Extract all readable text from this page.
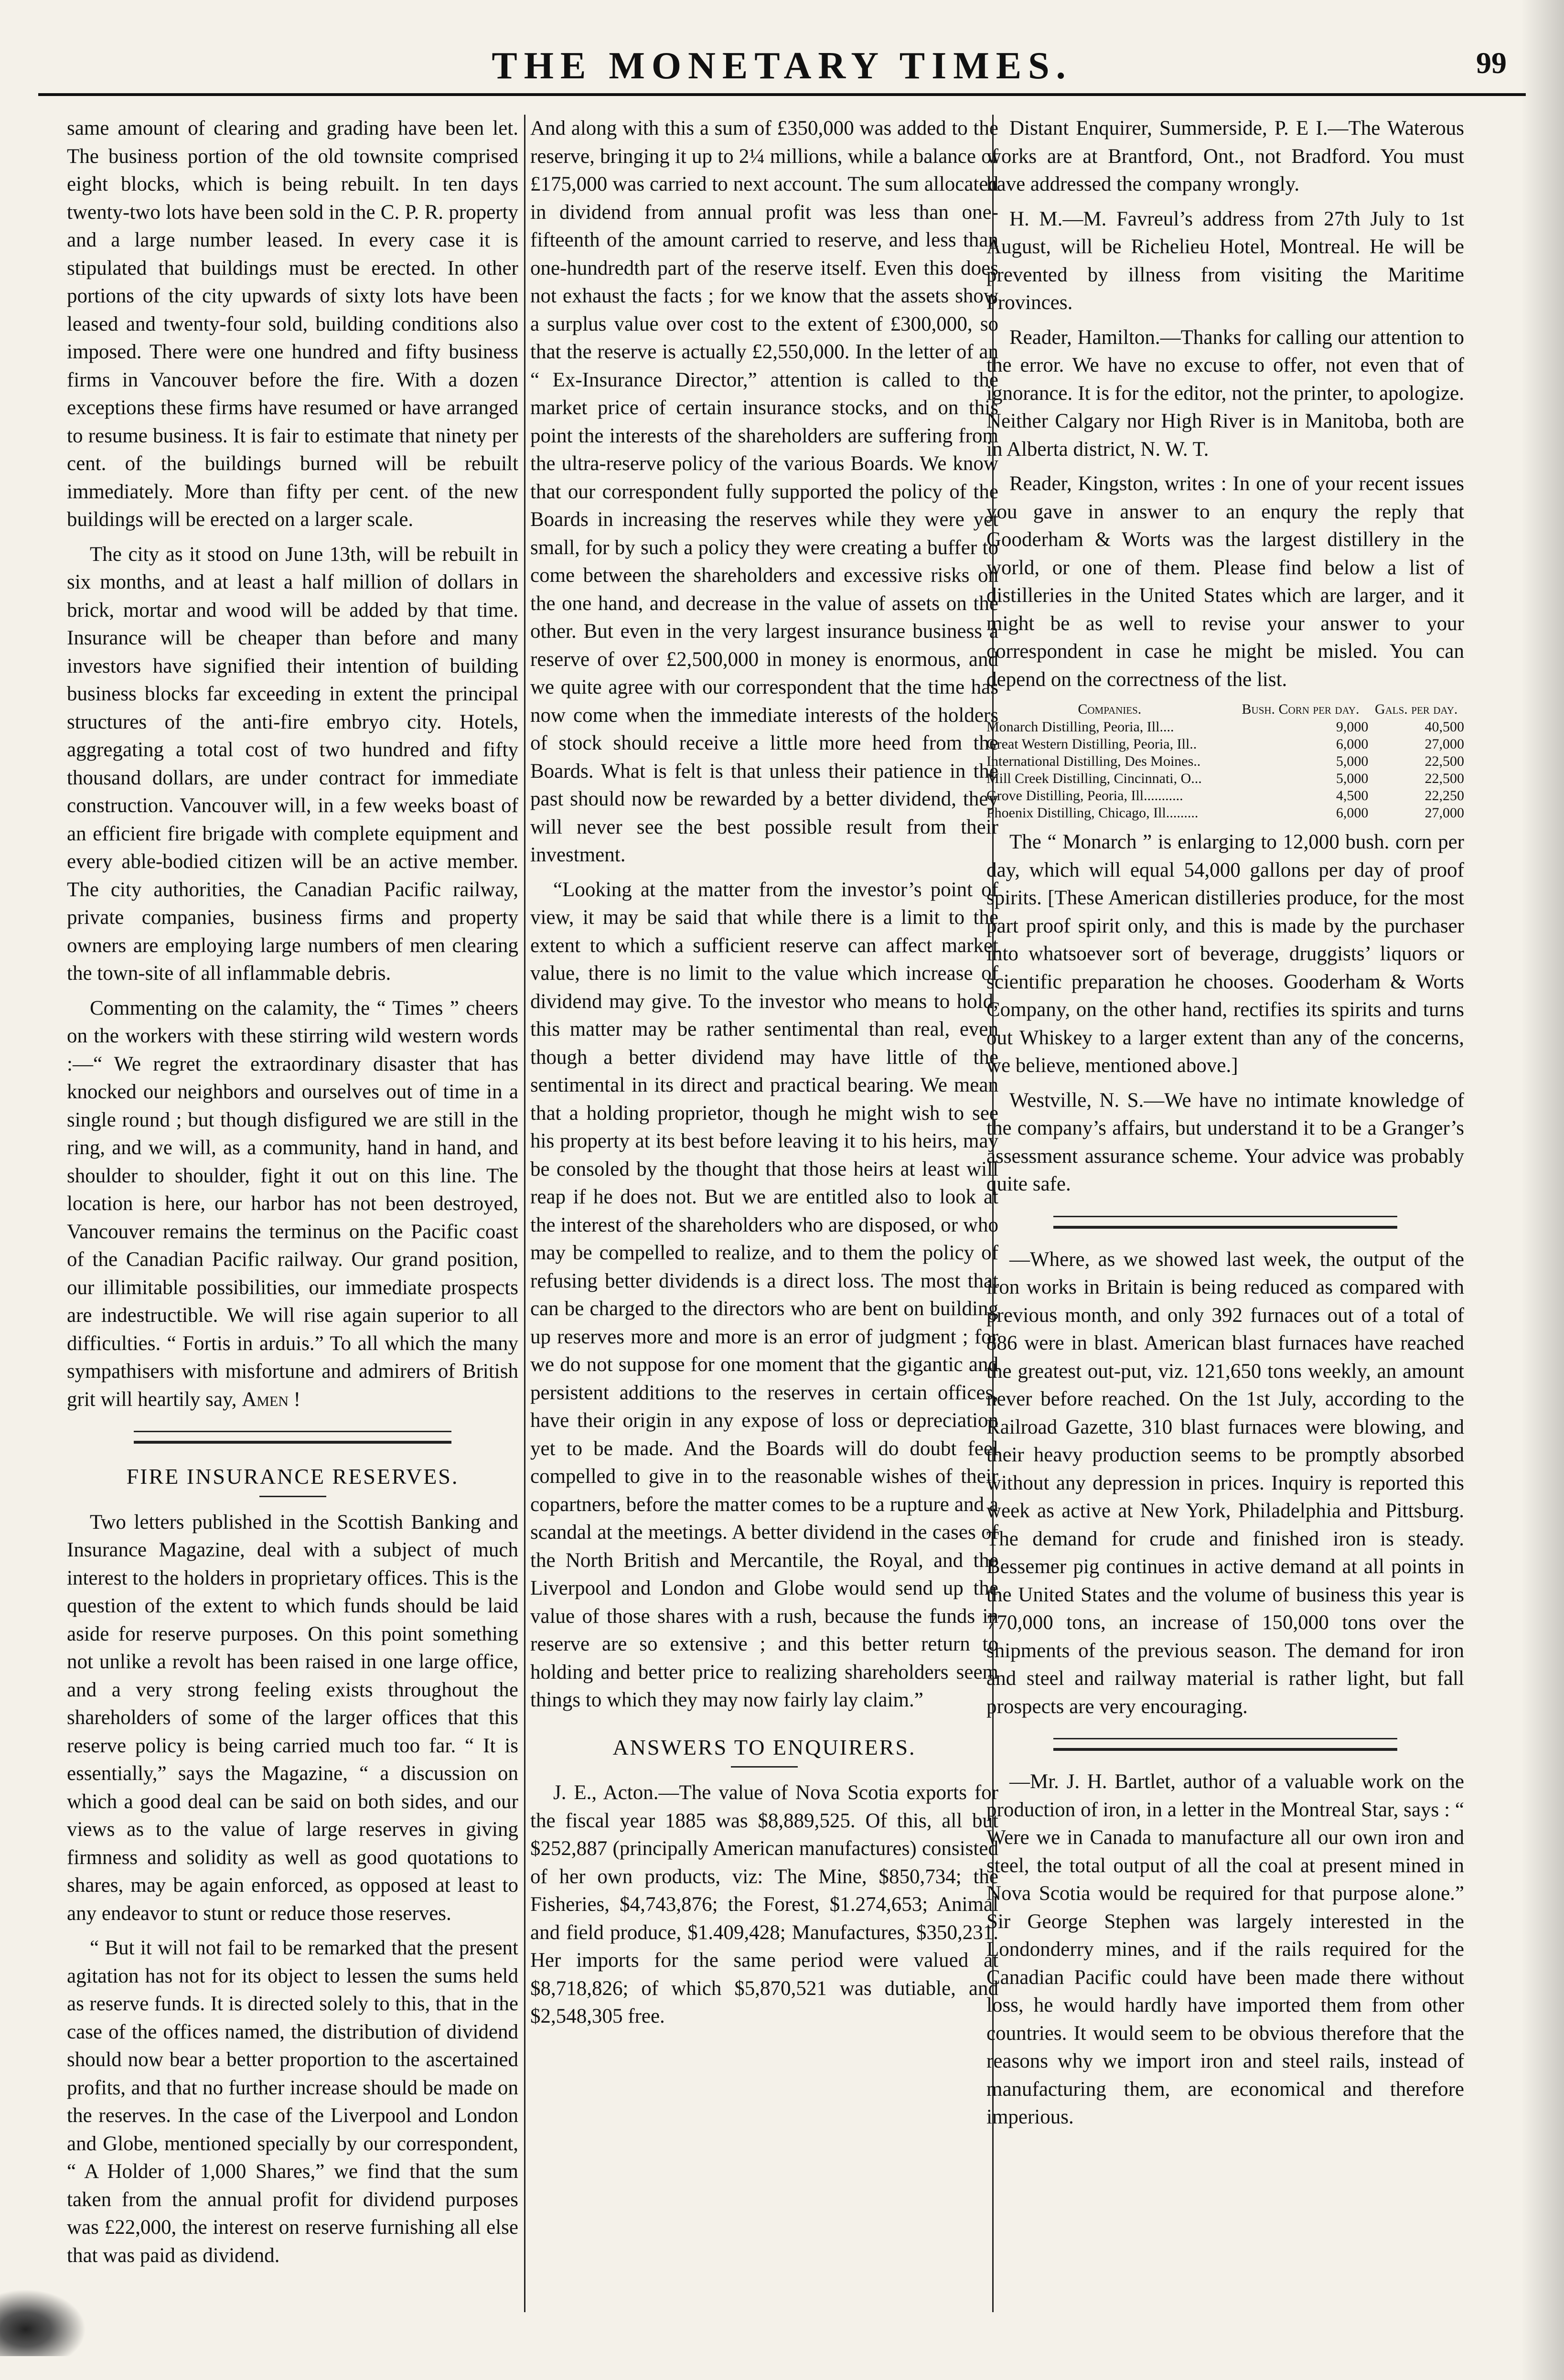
THE MONETARY TIMES.	99

same amount of clearing and grading have been let. The business portion of the old townsite comprised eight blocks, which is being rebuilt. In ten days twenty-two lots have been sold in the C. P. R. property and a large number leased. In every case it is stipulated that buildings must be erected. In other portions of the city upwards of sixty lots have been leased and twenty-four sold, building conditions also imposed. There were one hundred and fifty business firms in Vancouver before the fire. With a dozen exceptions these firms have resumed or have arranged to resume business. It is fair to estimate that ninety per cent. of the buildings burned will be rebuilt immediately. More than fifty per cent. of the new buildings will be erected on a larger scale.

The city as it stood on June 13th, will be rebuilt in six months, and at least a half million of dollars in brick, mortar and wood will be added by that time. Insurance will be cheaper than before and many investors have signified their intention of building business blocks far exceeding in extent the principal structures of the anti-fire embryo city. Hotels, aggregating a total cost of two hundred and fifty thousand dollars, are under contract for immediate construction. Vancouver will, in a few weeks boast of an efficient fire brigade with complete equipment and every able-bodied citizen will be an active member. The city authorities, the Canadian Pacific railway, private companies, business firms and property owners are employing large numbers of men clearing the town-site of all inflammable debris.

Commenting on the calamity, the “ Times ” cheers on the workers with these stirring wild western words :—“ We regret the extraordinary disaster that has knocked our neighbors and ourselves out of time in a single round ; but though disfigured we are still in the ring, and we will, as a community, hand in hand, and shoulder to shoulder, fight it out on this line. The location is here, our harbor has not been destroyed, Vancouver remains the terminus on the Pacific coast of the Canadian Pacific railway. Our grand position, our illimitable possibilities, our immediate prospects are indestructible. We will rise again superior to all difficulties. “ Fortis in arduis.” To all which the many sympathisers with misfortune and admirers of British grit will heartily say, Amen !

FIRE INSURANCE RESERVES.

Two letters published in the Scottish Banking and Insurance Magazine, deal with a subject of much interest to the holders in proprietary offices. This is the question of the extent to which funds should be laid aside for reserve purposes. On this point something not unlike a revolt has been raised in one large office, and a very strong feeling exists throughout the shareholders of some of the larger offices that this reserve policy is being carried much too far. “ It is essentially,” says the Magazine, “ a discussion on which a good deal can be said on both sides, and our views as to the value of large reserves in giving firmness and solidity as well as good quotations to shares, may be again enforced, as opposed at least to any endeavor to stunt or reduce those reserves.

“ But it will not fail to be remarked that the present agitation has not for its object to lessen the sums held as reserve funds. It is directed solely to this, that in the case of the offices named, the distribution of dividend should now bear a better proportion to the ascertained profits, and that no further increase should be made on the reserves. In the case of the Liverpool and London and Globe, mentioned specially by our correspondent, “ A Holder of 1,000 Shares,” we find that the sum taken from the annual profit for dividend purposes was £22,000, the interest on reserve furnishing all else that was paid as dividend.

And along with this a sum of £350,000 was added to the reserve, bringing it up to 2¼ millions, while a balance of £175,000 was carried to next account. The sum allocated in dividend from annual profit was less than one-fifteenth of the amount carried to reserve, and less than one-hundredth part of the reserve itself. Even this does not exhaust the facts ; for we know that the assets show a surplus value over cost to the extent of £300,000, so that the reserve is actually £2,550,000. In the letter of an “ Ex-Insurance Director,” attention is called to the market price of certain insurance stocks, and on this point the interests of the shareholders are suffering from the ultra-reserve policy of the various Boards. We know that our correspondent fully supported the policy of the Boards in increasing the reserves while they were yet small, for by such a policy they were creating a buffer to come between the shareholders and excessive risks on the one hand, and decrease in the value of assets on the other. But even in the very largest insurance business a reserve of over £2,500,000 in money is enormous, and we quite agree with our correspondent that the time has now come when the immediate interests of the holders of stock should receive a little more heed from the Boards. What is felt is that unless their patience in the past should now be rewarded by a better dividend, they will never see the best possible result from their investment.

“Looking at the matter from the investor’s point of view, it may be said that while there is a limit to the extent to which a sufficient reserve can affect market value, there is no limit to the value which increase of dividend may give. To the investor who means to hold, this matter may be rather sentimental than real, even though a better dividend may have little of the sentimental in its direct and practical bearing. We mean that a holding proprietor, though he might wish to see his property at its best before leaving it to his heirs, may be consoled by the thought that those heirs at least will reap if he does not. But we are entitled also to look at the interest of the shareholders who are disposed, or who may be compelled to realize, and to them the policy of refusing better dividends is a direct loss. The most that can be charged to the directors who are bent on building up reserves more and more is an error of judgment ; for we do not suppose for one moment that the gigantic and persistent additions to the reserves in certain offices, have their origin in any expose of loss or depreciation yet to be made. And the Boards will do doubt feel compelled to give in to the reasonable wishes of their copartners, before the matter comes to be a rupture and a scandal at the meetings. A better dividend in the cases of the North British and Mercantile, the Royal, and the Liverpool and London and Globe would send up the value of those shares with a rush, because the funds in reserve are so extensive ; and this better return to holding and better price to realizing shareholders seem things to which they may now fairly lay claim.”

ANSWERS TO ENQUIRERS.

J. E., Acton.—The value of Nova Scotia exports for the fiscal year 1885 was $8,889,525. Of this, all but $252,887 (principally American manufactures) consisted of her own products, viz: The Mine, $850,734; the Fisheries, $4,743,876; the Forest, $1.274,653; Animal and field produce, $1.409,428; Manufactures, $350,231. Her imports for the same period were valued at $8,718,826; of which $5,870,521 was dutiable, and $2,548,305 free.

Distant Enquirer, Summerside, P. E I.—The Waterous works are at Brantford, Ont., not Bradford. You must have addressed the company wrongly.

H. M.—M. Favreul’s address from 27th July to 1st August, will be Richelieu Hotel, Montreal. He will be prevented by illness from visiting the Maritime Provinces.

Reader, Hamilton.—Thanks for calling our attention to the error. We have no excuse to offer, not even that of ignorance. It is for the editor, not the printer, to apologize. Neither Calgary nor High River is in Manitoba, both are in Alberta district, N. W. T.

Reader, Kingston, writes : In one of your recent issues you gave in answer to an enqury the reply that Gooderham & Worts was the largest distillery in the world, or one of them. Please find below a list of distilleries in the United States which are larger, and it might be as well to revise your answer to your correspondent in case he might be misled. You can depend on the correctness of the list.

Companies.	Bush. Corn per day.	Gals. per day.
Monarch Distilling, Peoria, Ill....	9,000	40,500
Great Western Distilling, Peoria, Ill..	6,000	27,000
International Distilling, Des Moines..	5,000	22,500
Mill Creek Distilling, Cincinnati, O...	5,000	22,500
Grove Distilling, Peoria, Ill...........	4,500	22,250
Phoenix Distilling, Chicago, Ill.........	6,000	27,000

The “ Monarch ” is enlarging to 12,000 bush. corn per day, which will equal 54,000 gallons per day of proof spirits. [These American distilleries produce, for the most part proof spirit only, and this is made by the purchaser into whatsoever sort of beverage, druggists’ liquors or scientific preparation he chooses. Gooderham & Worts Company, on the other hand, rectifies its spirits and turns out Whiskey to a larger extent than any of the concerns, we believe, mentioned above.]

Westville, N. S.—We have no intimate knowledge of the company’s affairs, but understand it to be a Granger’s assessment assurance scheme. Your advice was probably quite safe.

—Where, as we showed last week, the output of the iron works in Britain is being reduced as compared with previous month, and only 392 furnaces out of a total of 886 were in blast. American blast furnaces have reached the greatest out-put, viz. 121,650 tons weekly, an amount never before reached. On the 1st July, according to the Railroad Gazette, 310 blast furnaces were blowing, and their heavy production seems to be promptly absorbed without any depression in prices. Inquiry is reported this week as active at New York, Philadelphia and Pittsburg. The demand for crude and finished iron is steady. Bessemer pig continues in active demand at all points in the United States and the volume of business this year is 770,000 tons, an increase of 150,000 tons over the shipments of the previous season. The demand for iron and steel and railway material is rather light, but fall prospects are very encouraging.

—Mr. J. H. Bartlet, author of a valuable work on the production of iron, in a letter in the Montreal Star, says : “ Were we in Canada to manufacture all our own iron and steel, the total output of all the coal at present mined in Nova Scotia would be required for that purpose alone.” Sir George Stephen was largely interested in the Londonderry mines, and if the rails required for the Canadian Pacific could have been made there without loss, he would hardly have imported them from other countries. It would seem to be obvious therefore that the reasons why we import iron and steel rails, instead of manufacturing them, are economical and therefore imperious.
